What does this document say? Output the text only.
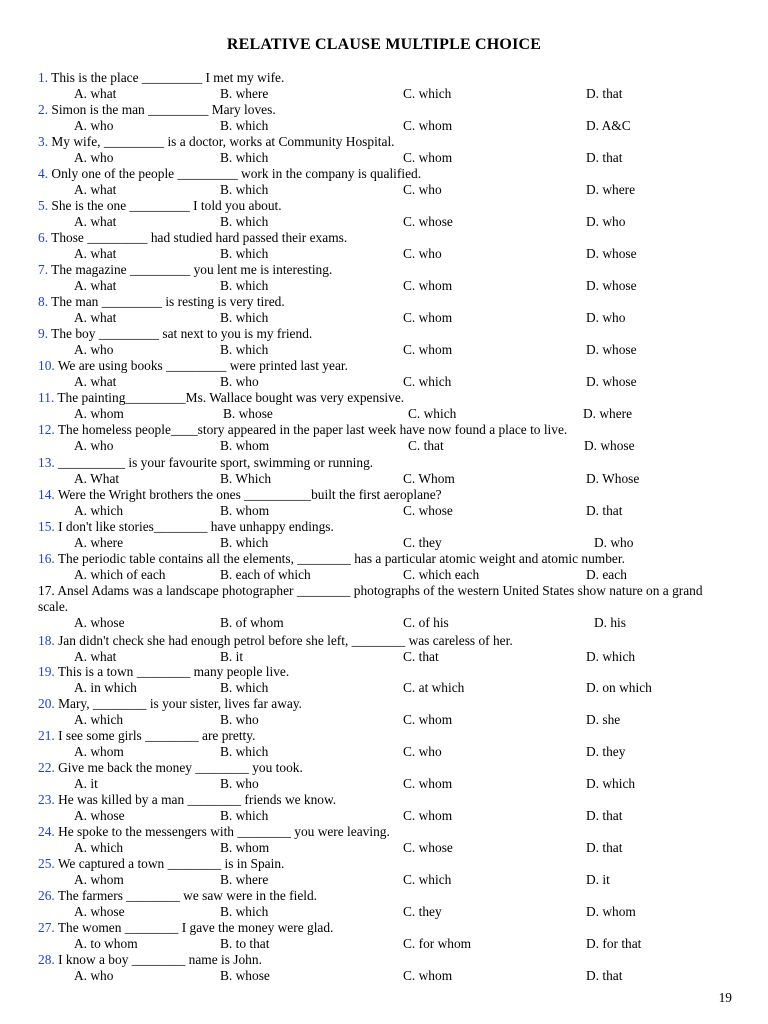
RELATIVE CLAUSE MULTIPLE CHOICE
1. This is the place _________ I met my wife.
A. what	B. where	C. which	D. that
2. Simon is the man _________ Mary loves.
A. who	B. which	C. whom	D. A&C
3. My wife, _________ is a doctor, works at Community Hospital.
A. who	B. which	C. whom	D. that
4. Only one of the people _________ work in the company is qualified.
A. what	B. which	C. who	D. where
5. She is the one _________ I told you about.
A. what	B. which	C. whose	D. who
6. Those _________ had studied hard passed their exams.
A. what	B. which	C. who	D. whose
7. The magazine _________ you lent me is interesting.
A. what	B. which	C. whom	D. whose
8. The man _________ is resting is very tired.
A. what	B. which	C. whom	D. who
9. The boy _________ sat next to you is my friend.
A. who	B. which	C. whom	D. whose
10. We are using books _________ were printed last year.
A. what	B. who	C. which	D. whose
11. The painting_________Ms. Wallace bought was very expensive.
A. whom	B. whose	C. which	D. where
12. The homeless people____story appeared in the paper last week have now found a place to live.
A. who	B. whom	C. that	D. whose
13. __________ is your favourite sport, swimming or running.
A. What	B. Which	C. Whom	D. Whose
14. Were the Wright brothers the ones __________built the first aeroplane?
A. which	B. whom	C. whose	D. that
15. I don't like stories________ have unhappy endings.
A. where	B. which	C. they	D. who
16. The periodic table contains all the elements, ________ has a particular atomic weight and atomic number.
A. which of each	B. each of which	C. which each	D. each
17. Ansel Adams was a landscape photographer ________ photographs of the western United States show nature on a grand scale.
A. whose	B. of whom	C. of his	D. his
18. Jan didn't check she had enough petrol before she left, ________ was careless of her.
A. what	B. it	C. that	D. which
19. This is a town ________ many people live.
A. in which	B. which	C. at which	D. on which
20. Mary, ________ is your sister, lives far away.
A. which	B. who	C. whom	D. she
21. I see some girls ________ are pretty.
A. whom	B. which	C. who	D. they
22. Give me back the money ________ you took.
A. it	B. who	C. whom	D. which
23. He was killed by a man ________ friends we know.
A. whose	B. which	C. whom	D. that
24. He spoke to the messengers with ________ you were leaving.
A. which	B. whom	C. whose	D. that
25. We captured a town ________ is in Spain.
A. whom	B. where	C. which	D. it
26. The farmers ________ we saw were in the field.
A. whose	B. which	C. they	D. whom
27. The women ________ I gave the money were glad.
A. to whom	B. to that	C. for whom	D. for that
28. I know a boy ________ name is John.
A. who	B. whose	C. whom	D. that
19
